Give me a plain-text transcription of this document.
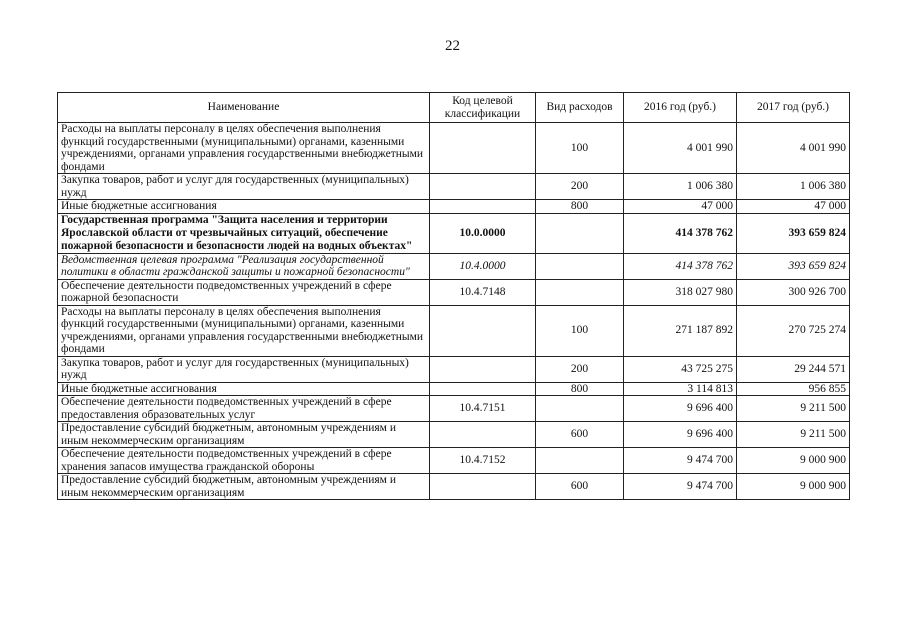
22
Наименование	Код целевой классификации	Вид расходов	2016 год (руб.)	2017 год (руб.)
Расходы на выплаты персоналу в целях обеспечения выполнения функций государственными (муниципальными) органами, казенными учреждениями, органами управления государственными внебюджетными фондами		100	4 001 990	4 001 990
Закупка товаров, работ и услуг для государственных (муниципальных) нужд		200	1 006 380	1 006 380
Иные бюджетные ассигнования		800	47 000	47 000
Государственная программа "Защита населения и территории Ярославской области от чрезвычайных ситуаций, обеспечение пожарной безопасности и безопасности людей на водных объектах"	10.0.0000		414 378 762	393 659 824
Ведомственная целевая программа "Реализация государственной политики в области гражданской защиты и пожарной безопасности"	10.4.0000		414 378 762	393 659 824
Обеспечение деятельности подведомственных учреждений в сфере пожарной безопасности	10.4.7148		318 027 980	300 926 700
Расходы на выплаты персоналу в целях обеспечения выполнения функций государственными (муниципальными) органами, казенными учреждениями, органами управления государственными внебюджетными фондами		100	271 187 892	270 725 274
Закупка товаров, работ и услуг для государственных (муниципальных) нужд		200	43 725 275	29 244 571
Иные бюджетные ассигнования		800	3 114 813	956 855
Обеспечение деятельности подведомственных учреждений в сфере предоставления образовательных услуг	10.4.7151		9 696 400	9 211 500
Предоставление субсидий бюджетным, автономным учреждениям и иным некоммерческим организациям		600	9 696 400	9 211 500
Обеспечение деятельности подведомственных учреждений в сфере хранения запасов имущества гражданской обороны	10.4.7152		9 474 700	9 000 900
Предоставление субсидий бюджетным, автономным учреждениям и иным некоммерческим организациям		600	9 474 700	9 000 900
